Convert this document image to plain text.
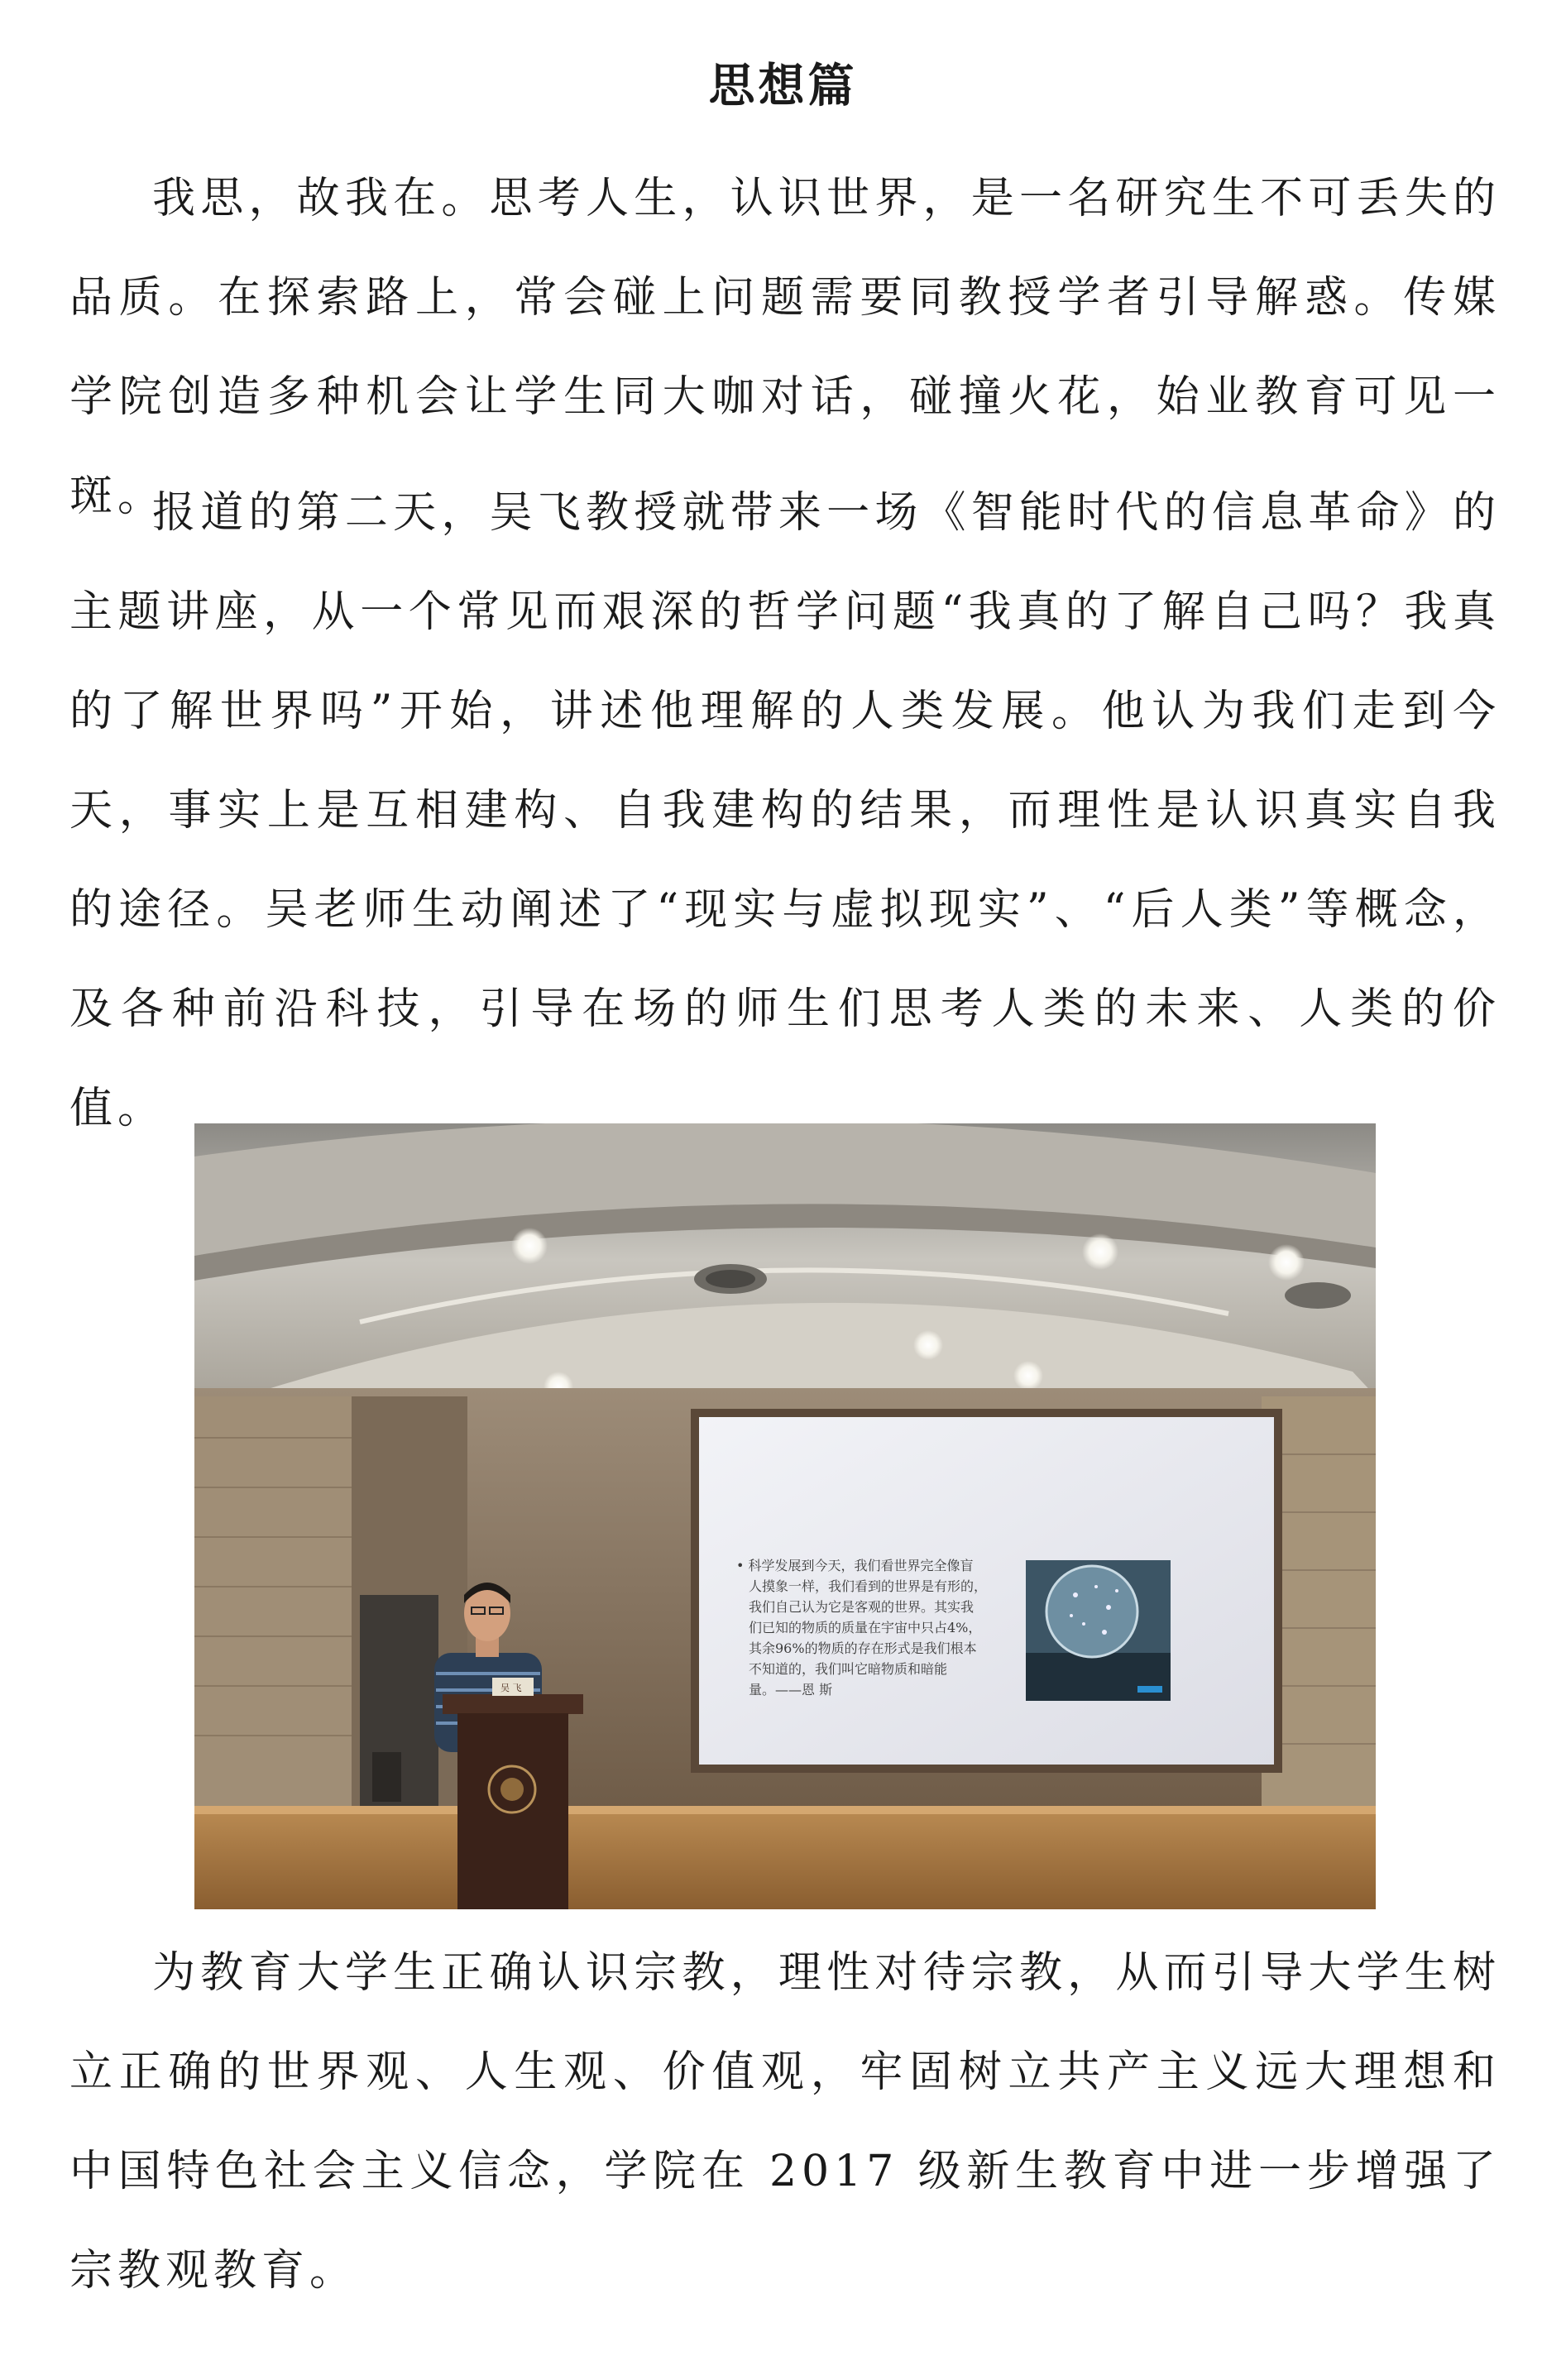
思想篇

我思，故我在。思考人生，认识世界，是一名研究生不可丢失的品质。在探索路上，常会碰上问题需要同教授学者引导解惑。传媒学院创造多种机会让学生同大咖对话，碰撞火花，始业教育可见一斑。

报道的第二天，吴飞教授就带来一场《智能时代的信息革命》的主题讲座，从一个常见而艰深的哲学问题“我真的了解自己吗？我真的了解世界吗”开始，讲述他理解的人类发展。他认为我们走到今天，事实上是互相建构、自我建构的结果，而理性是认识真实自我的途径。吴老师生动阐述了“现实与虚拟现实”、“后人类”等概念，及各种前沿科技，引导在场的师生们思考人类的未来、人类的价值。

• 科学发展到今天，我们看世界完全像盲
人摸象一样，我们看到的世界是有形的，
我们自己认为它是客观的世界。其实我
们已知的物质的质量在宇宙中只占4%，
其余96%的物质的存在形式是我们根本
不知道的，我们叫它暗物质和暗能
量。——恩 斯
吴 飞

为教育大学生正确认识宗教，理性对待宗教，从而引导大学生树立正确的世界观、人生观、价值观，牢固树立共产主义远大理想和中国特色社会主义信念，学院在 2017 级新生教育中进一步增强了宗教观教育。
